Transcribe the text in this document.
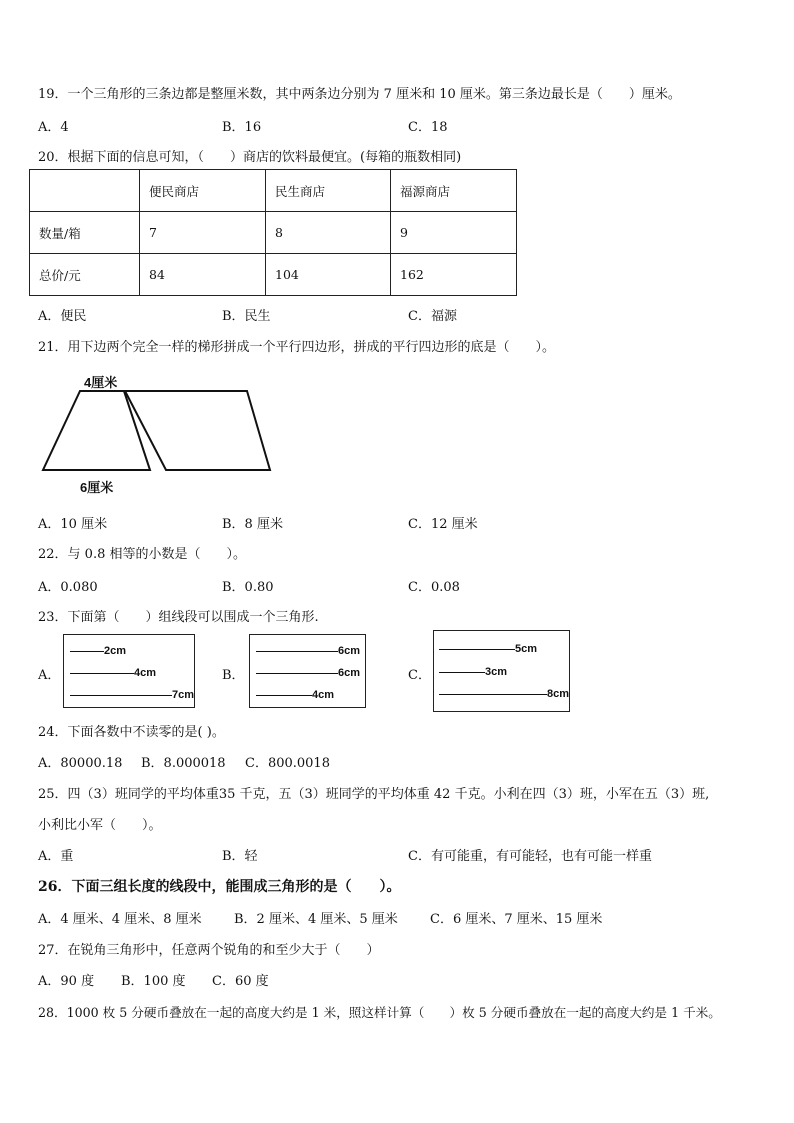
19．一个三角形的三条边都是整厘米数，其中两条边分别为 7 厘米和 10 厘米。第三条边最长是（　　）厘米。
A．4	B．16	C．18
20．根据下面的信息可知，（　　）商店的饮料最便宜。(每箱的瓶数相同)
	便民商店	民生商店	福源商店
数量/箱	7	8	9
总价/元	84	104	162
A．便民	B．民生	C．福源
21．用下边两个完全一样的梯形拼成一个平行四边形，拼成的平行四边形的底是（　　）。
4厘米
6厘米
A．10 厘米	B．8 厘米	C．12 厘米
22．与 0.8 相等的小数是（　　）。
A．0.080	B．0.80	C．0.08
23．下面第（　　）组线段可以围成一个三角形.
A．
2cm
4cm
7cm
B．
6cm
6cm
4cm
C．
5cm
3cm
8cm
24．下面各数中不读零的是( )。
A．80000.18 B．8.000018 C．800.0018
25．四（3）班同学的平均体重35 千克，五（3）班同学的平均体重 42 千克。小利在四（3）班，小军在五（3）班,
小利比小军（　　）。
A．重	B．轻	C．有可能重，有可能轻，也有可能一样重
26．下面三组长度的线段中，能围成三角形的是（　　）。
A．4 厘米、4 厘米、8 厘米 B．2 厘米、4 厘米、5 厘米 C．6 厘米、7 厘米、15 厘米
27．在锐角三角形中，任意两个锐角的和至少大于（　　）
A．90 度 B．100 度 C．60 度
28．1000 枚 5 分硬币叠放在一起的高度大约是 1 米，照这样计算（　　）枚 5 分硬币叠放在一起的高度大约是 1 千米。
